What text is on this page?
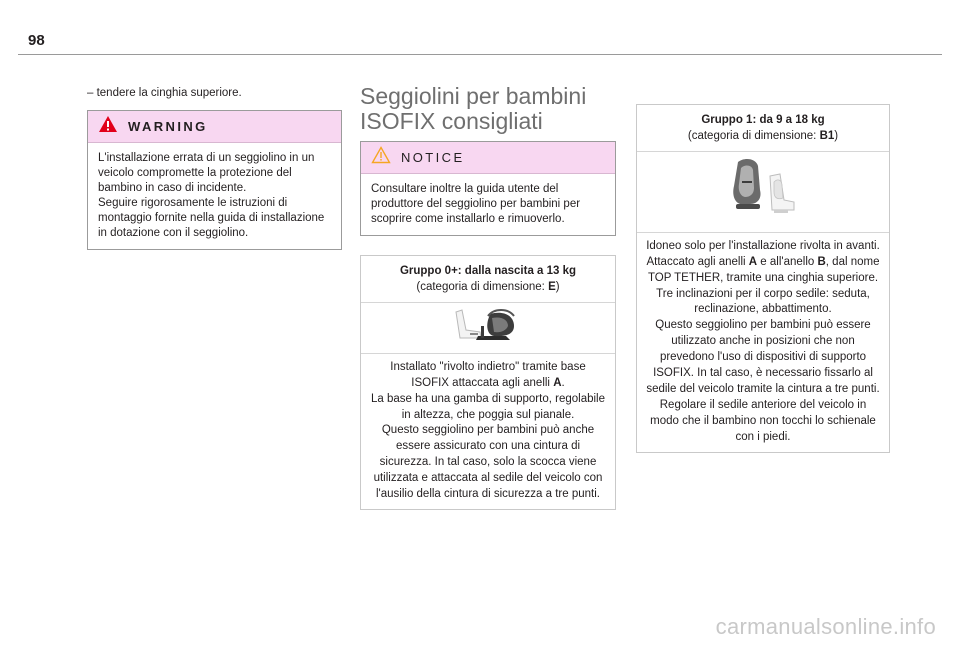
98
– tendere la cinghia superiore.
WARNING

L'installazione errata di un seggiolino in un

veicolo compromette la protezione del

bambino in caso di incidente.

Seguire rigorosamente le istruzioni di

montaggio fornite nella guida di installazione

in dotazione con il seggiolino.

Seggiolini per bambini
ISOFIX consigliati
NOTICE

Consultare inoltre la guida utente del

produttore del seggiolino per bambini per

scoprire come installarlo e rimuoverlo.

Gruppo 0+: dalla nascita a 13 kg
(categoria di dimensione: E)

Installato "rivolto indietro" tramite base

ISOFIX attaccata agli anelli A.

La base ha una gamba di supporto, regolabile

in altezza, che poggia sul pianale.

Questo seggiolino per bambini può anche

essere assicurato con una cintura di

sicurezza. In tal caso, solo la scocca viene

utilizzata e attaccata al sedile del veicolo con

l'ausilio della cintura di sicurezza a tre punti.

Gruppo 1: da 9 a 18 kg
(categoria di dimensione: B1)

Idoneo solo per l'installazione rivolta in avanti.

Attaccato agli anelli A e all'anello B, dal nome

TOP TETHER, tramite una cinghia superiore.

Tre inclinazioni per il corpo sedile: seduta,

reclinazione, abbattimento.

Questo seggiolino per bambini può essere

utilizzato anche in posizioni che non

prevedono l'uso di dispositivi di supporto

ISOFIX. In tal caso, è necessario fissarlo al

sedile del veicolo tramite la cintura a tre punti.

Regolare il sedile anteriore del veicolo in

modo che il bambino non tocchi lo schienale

con i piedi.

carmanualsonline.info
